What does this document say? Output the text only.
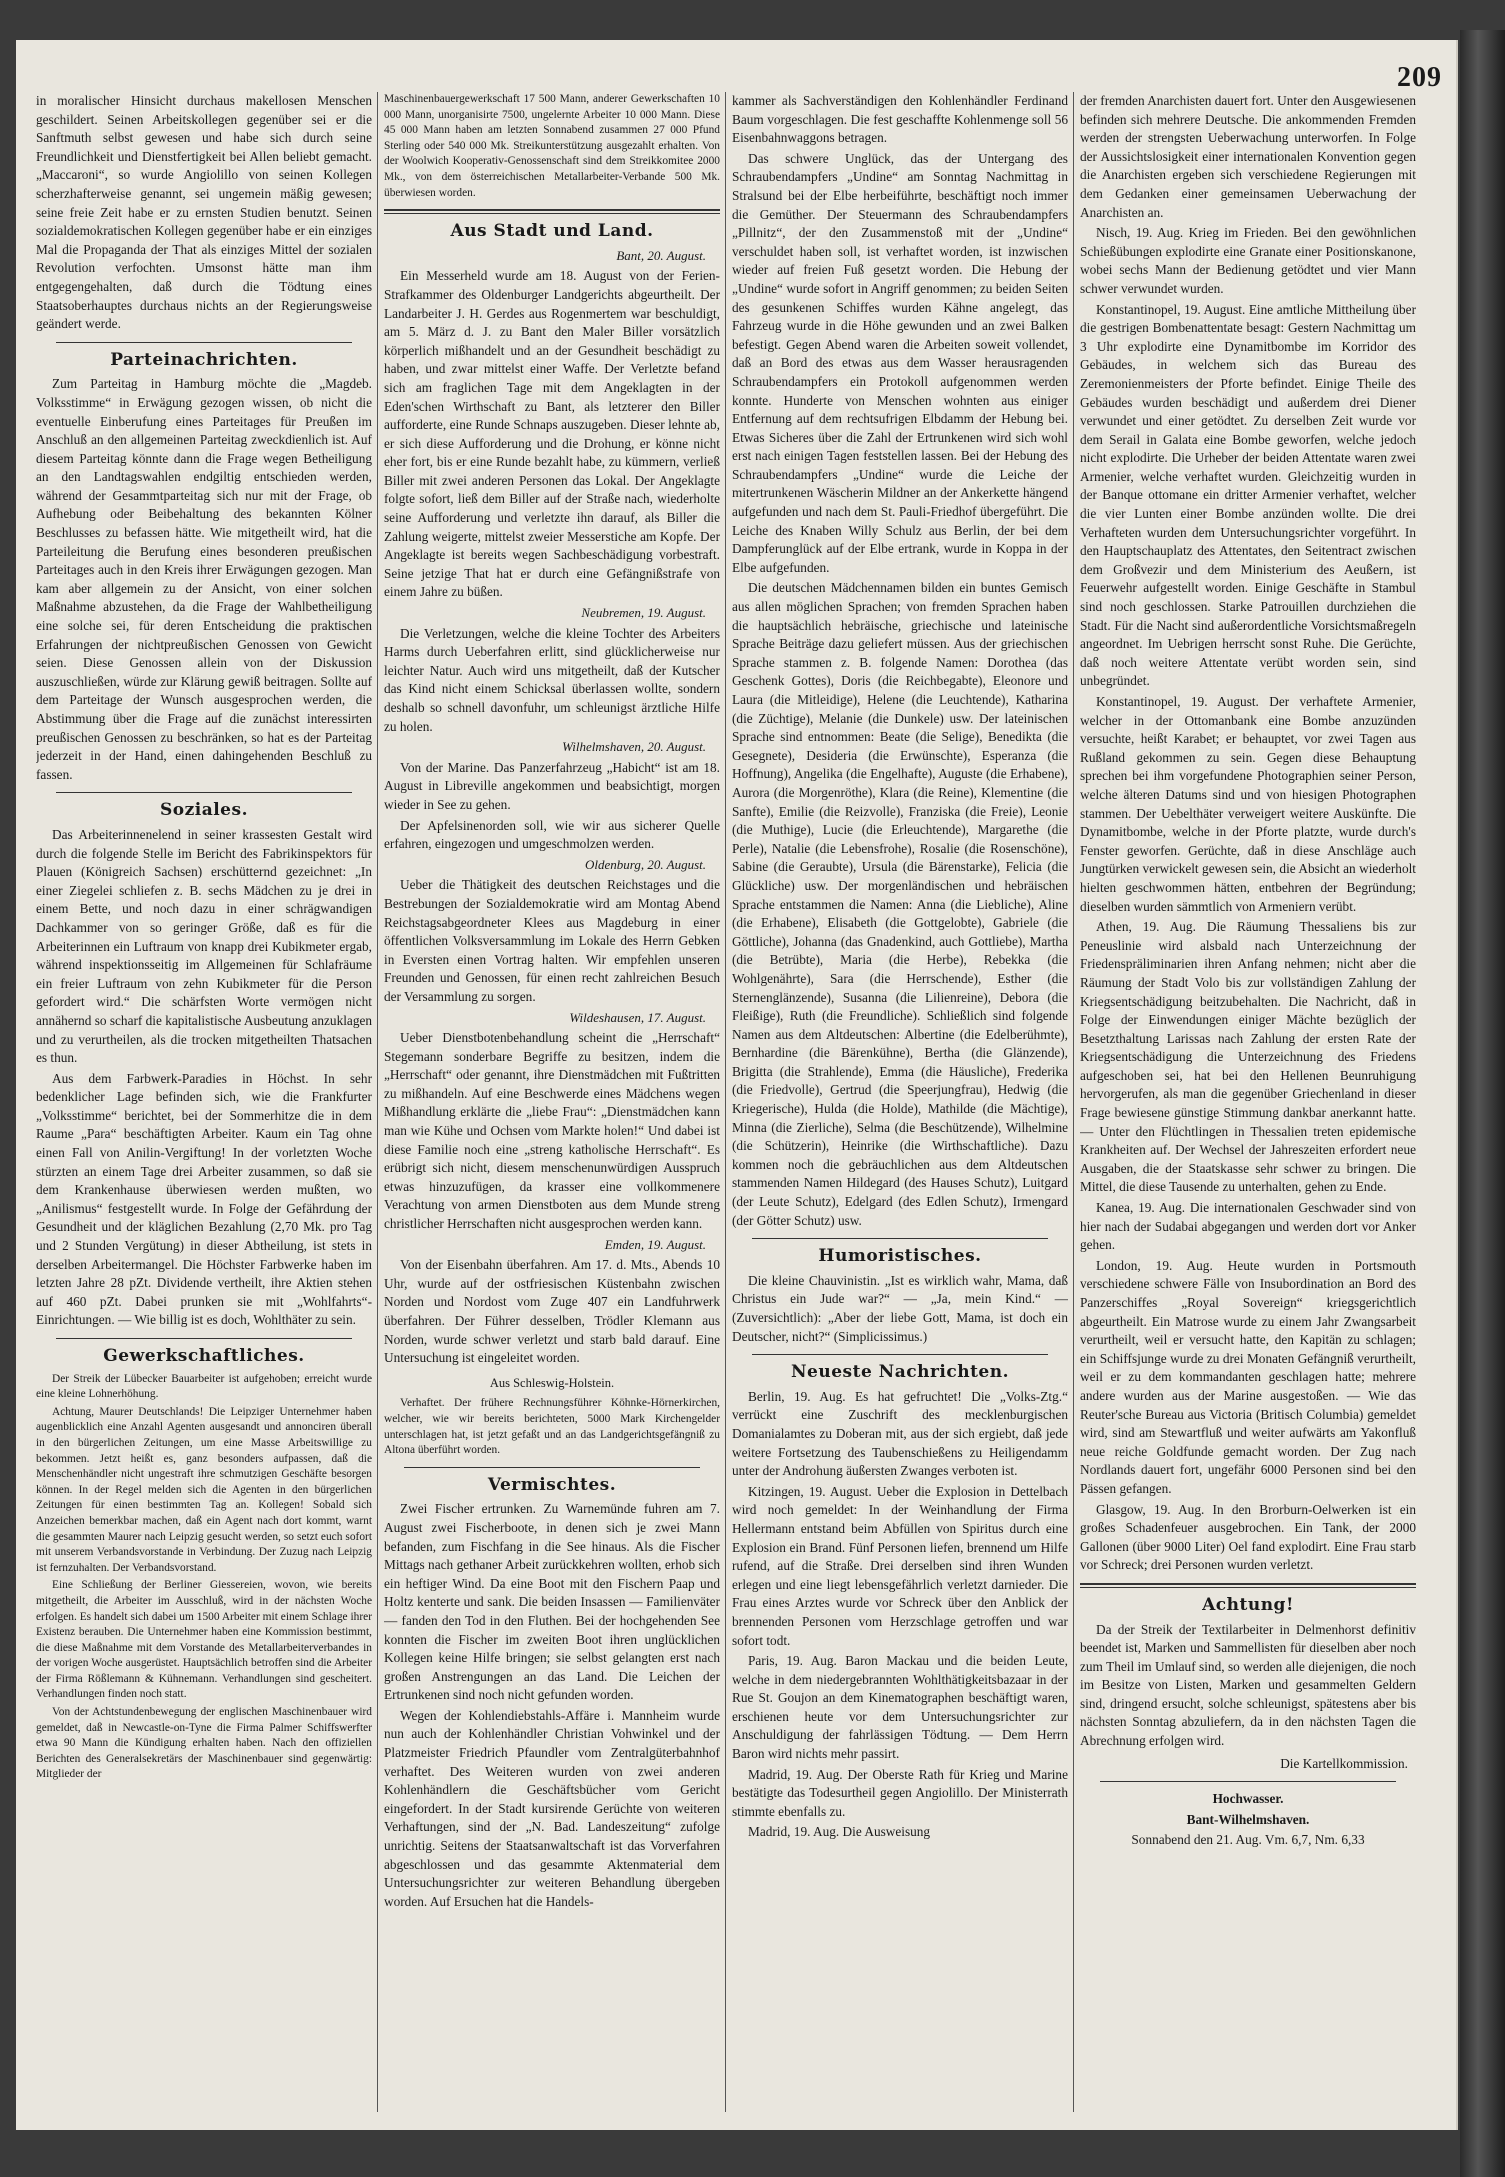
209

in moralischer Hinsicht durchaus makellosen Menschen geschildert. Seinen Arbeitskollegen gegenüber sei er die Sanftmuth selbst gewesen und habe sich durch seine Freundlichkeit und Dienstfertigkeit bei Allen beliebt gemacht. „Maccaroni“, so wurde Angiolillo von seinen Kollegen scherzhafterweise genannt, sei ungemein mäßig gewesen; seine freie Zeit habe er zu ernsten Studien benutzt. Seinen sozialdemokratischen Kollegen gegenüber habe er ein einziges Mal die Propaganda der That als einziges Mittel der sozialen Revolution verfochten. Umsonst hätte man ihm entgegengehalten, daß durch die Tödtung eines Staatsoberhauptes durchaus nichts an der Regierungsweise geändert werde.

Parteinachrichten.

Zum Parteitag in Hamburg möchte die „Magdeb. Volksstimme“ in Erwägung gezogen wissen, ob nicht die eventuelle Einberufung eines Parteitages für Preußen im Anschluß an den allgemeinen Parteitag zweckdienlich ist. Auf diesem Parteitag könnte dann die Frage wegen Betheiligung an den Landtagswahlen endgiltig entschieden werden, während der Gesammtparteitag sich nur mit der Frage, ob Aufhebung oder Beibehaltung des bekannten Kölner Beschlusses zu befassen hätte. Wie mitgetheilt wird, hat die Parteileitung die Berufung eines besonderen preußischen Parteitages auch in den Kreis ihrer Erwägungen gezogen. Man kam aber allgemein zu der Ansicht, von einer solchen Maßnahme abzustehen, da die Frage der Wahlbetheiligung eine solche sei, für deren Entscheidung die praktischen Erfahrungen der nichtpreußischen Genossen von Gewicht seien. Diese Genossen allein von der Diskussion auszuschließen, würde zur Klärung gewiß beitragen. Sollte auf dem Parteitage der Wunsch ausgesprochen werden, die Abstimmung über die Frage auf die zunächst interessirten preußischen Genossen zu beschränken, so hat es der Parteitag jederzeit in der Hand, einen dahingehenden Beschluß zu fassen.

Soziales.

Das Arbeiterinnenelend in seiner krassesten Gestalt wird durch die folgende Stelle im Bericht des Fabrikinspektors für Plauen (Königreich Sachsen) erschütternd gezeichnet: „In einer Ziegelei schliefen z. B. sechs Mädchen zu je drei in einem Bette, und noch dazu in einer schrägwandigen Dachkammer von so geringer Größe, daß es für die Arbeiterinnen ein Luftraum von knapp drei Kubikmeter ergab, während inspektionsseitig im Allgemeinen für Schlafräume ein freier Luftraum von zehn Kubikmeter für die Person gefordert wird.“ Die schärfsten Worte vermögen nicht annähernd so scharf die kapitalistische Ausbeutung anzuklagen und zu verurtheilen, als die trocken mitgetheilten Thatsachen es thun.

Aus dem Farbwerk-Paradies in Höchst. In sehr bedenklicher Lage befinden sich, wie die Frankfurter „Volksstimme“ berichtet, bei der Sommerhitze die in dem Raume „Para“ beschäftigten Arbeiter. Kaum ein Tag ohne einen Fall von Anilin-Vergiftung! In der vorletzten Woche stürzten an einem Tage drei Arbeiter zusammen, so daß sie dem Krankenhause überwiesen werden mußten, wo „Anilismus“ festgestellt wurde. In Folge der Gefährdung der Gesundheit und der kläglichen Bezahlung (2,70 Mk. pro Tag und 2 Stunden Vergütung) in dieser Abtheilung, ist stets in derselben Arbeitermangel. Die Höchster Farbwerke haben im letzten Jahre 28 pZt. Dividende vertheilt, ihre Aktien stehen auf 460 pZt. Dabei prunken sie mit „Wohlfahrts“-Einrichtungen. — Wie billig ist es doch, Wohlthäter zu sein.

Gewerkschaftliches.

Der Streik der Lübecker Bauarbeiter ist aufgehoben; erreicht wurde eine kleine Lohnerhöhung.

Achtung, Maurer Deutschlands! Die Leipziger Unternehmer haben augenblicklich eine Anzahl Agenten ausgesandt und annonciren überall in den bürgerlichen Zeitungen, um eine Masse Arbeitswillige zu bekommen. Jetzt heißt es, ganz besonders aufpassen, daß die Menschenhändler nicht ungestraft ihre schmutzigen Geschäfte besorgen können. In der Regel melden sich die Agenten in den bürgerlichen Zeitungen für einen bestimmten Tag an. Kollegen! Sobald sich Anzeichen bemerkbar machen, daß ein Agent nach dort kommt, warnt die gesammten Maurer nach Leipzig gesucht werden, so setzt euch sofort mit unserem Verbandsvorstande in Verbindung. Der Zuzug nach Leipzig ist fernzuhalten. Der Verbandsvorstand.

Eine Schließung der Berliner Giessereien, wovon, wie bereits mitgetheilt, die Arbeiter im Ausschluß, wird in der nächsten Woche erfolgen. Es handelt sich dabei um 1500 Arbeiter mit einem Schlage ihrer Existenz berauben. Die Unternehmer haben eine Kommission bestimmt, die diese Maßnahme mit dem Vorstande des Metallarbeiterverbandes in der vorigen Woche ausgerüstet. Hauptsächlich betroffen sind die Arbeiter der Firma Rößlemann & Kühnemann. Verhandlungen sind gescheitert. Verhandlungen finden noch statt.

Von der Achtstundenbewegung der englischen Maschinenbauer wird gemeldet, daß in Newcastle-on-Tyne die Firma Palmer Schiffswerfter etwa 90 Mann die Kündigung erhalten haben. Nach den offiziellen Berichten des Generalsekretärs der Maschinenbauer sind gegenwärtig: Mitglieder der

Maschinenbauergewerkschaft 17 500 Mann, anderer Gewerkschaften 10 000 Mann, unorganisirte 7500, ungelernte Arbeiter 10 000 Mann. Diese 45 000 Mann haben am letzten Sonnabend zusammen 27 000 Pfund Sterling oder 540 000 Mk. Streikunterstützung ausgezahlt erhalten. Von der Woolwich Kooperativ-Genossenschaft sind dem Streikkomitee 2000 Mk., von dem österreichischen Metallarbeiter-Verbande 500 Mk. überwiesen worden.

Aus Stadt und Land.
Bant, 20. August.

Ein Messerheld wurde am 18. August von der Ferien-Strafkammer des Oldenburger Landgerichts abgeurtheilt. Der Landarbeiter J. H. Gerdes aus Rogenmertem war beschuldigt, am 5. März d. J. zu Bant den Maler Biller vorsätzlich körperlich mißhandelt und an der Gesundheit beschädigt zu haben, und zwar mittelst einer Waffe. Der Verletzte befand sich am fraglichen Tage mit dem Angeklagten in der Eden'schen Wirthschaft zu Bant, als letzterer den Biller aufforderte, eine Runde Schnaps auszugeben. Dieser lehnte ab, er sich diese Aufforderung und die Drohung, er könne nicht eher fort, bis er eine Runde bezahlt habe, zu kümmern, verließ Biller mit zwei anderen Personen das Lokal. Der Angeklagte folgte sofort, ließ dem Biller auf der Straße nach, wiederholte seine Aufforderung und verletzte ihn darauf, als Biller die Zahlung weigerte, mittelst zweier Messerstiche am Kopfe. Der Angeklagte ist bereits wegen Sachbeschädigung vorbestraft. Seine jetzige That hat er durch eine Gefängnißstrafe von einem Jahre zu büßen.

Neubremen, 19. August.

Die Verletzungen, welche die kleine Tochter des Arbeiters Harms durch Ueberfahren erlitt, sind glücklicherweise nur leichter Natur. Auch wird uns mitgetheilt, daß der Kutscher das Kind nicht einem Schicksal überlassen wollte, sondern deshalb so schnell davonfuhr, um schleunigst ärztliche Hilfe zu holen.

Wilhelmshaven, 20. August.

Von der Marine. Das Panzerfahrzeug „Habicht“ ist am 18. August in Libreville angekommen und beabsichtigt, morgen wieder in See zu gehen.

Der Apfelsinenorden soll, wie wir aus sicherer Quelle erfahren, eingezogen und umgeschmolzen werden.

Oldenburg, 20. August.

Ueber die Thätigkeit des deutschen Reichstages und die Bestrebungen der Sozialdemokratie wird am Montag Abend Reichstagsabgeordneter Klees aus Magdeburg in einer öffentlichen Volksversammlung im Lokale des Herrn Gebken in Eversten einen Vortrag halten. Wir empfehlen unseren Freunden und Genossen, für einen recht zahlreichen Besuch der Versammlung zu sorgen.

Wildeshausen, 17. August.

Ueber Dienstbotenbehandlung scheint die „Herrschaft“ Stegemann sonderbare Begriffe zu besitzen, indem die „Herrschaft“ oder genannt, ihre Dienstmädchen mit Fußtritten zu mißhandeln. Auf eine Beschwerde eines Mädchens wegen Mißhandlung erklärte die „liebe Frau“: „Dienstmädchen kann man wie Kühe und Ochsen vom Markte holen!“ Und dabei ist diese Familie noch eine „streng katholische Herrschaft“. Es erübrigt sich nicht, diesem menschenunwürdigen Ausspruch etwas hinzuzufügen, da krasser eine vollkommenere Verachtung von armen Dienstboten aus dem Munde streng christlicher Herrschaften nicht ausgesprochen werden kann.

Emden, 19. August.

Von der Eisenbahn überfahren. Am 17. d. Mts., Abends 10 Uhr, wurde auf der ostfriesischen Küstenbahn zwischen Norden und Nordost vom Zuge 407 ein Landfuhrwerk überfahren. Der Führer desselben, Trödler Klemann aus Norden, wurde schwer verletzt und starb bald darauf. Eine Untersuchung ist eingeleitet worden.

Aus Schleswig-Holstein.

Verhaftet. Der frühere Rechnungsführer Köhnke-Hörnerkirchen, welcher, wie wir bereits berichteten, 5000 Mark Kirchengelder unterschlagen hat, ist jetzt gefaßt und an das Landgerichtsgefängniß zu Altona überführt worden.

Vermischtes.

Zwei Fischer ertrunken. Zu Warnemünde fuhren am 7. August zwei Fischerboote, in denen sich je zwei Mann befanden, zum Fischfang in die See hinaus. Als die Fischer Mittags nach gethaner Arbeit zurückkehren wollten, erhob sich ein heftiger Wind. Da eine Boot mit den Fischern Paap und Holtz kenterte und sank. Die beiden Insassen — Familienväter — fanden den Tod in den Fluthen. Bei der hochgehenden See konnten die Fischer im zweiten Boot ihren unglücklichen Kollegen keine Hilfe bringen; sie selbst gelangten erst nach großen Anstrengungen an das Land. Die Leichen der Ertrunkenen sind noch nicht gefunden worden.

Wegen der Kohlendiebstahls-Affäre i. Mannheim wurde nun auch der Kohlenhändler Christian Vohwinkel und der Platzmeister Friedrich Pfaundler vom Zentralgüterbahnhof verhaftet. Des Weiteren wurden von zwei anderen Kohlenhändlern die Geschäftsbücher vom Gericht eingefordert. In der Stadt kursirende Gerüchte von weiteren Verhaftungen, sind der „N. Bad. Landeszeitung“ zufolge unrichtig. Seitens der Staatsanwaltschaft ist das Vorverfahren abgeschlossen und das gesammte Aktenmaterial dem Untersuchungsrichter zur weiteren Behandlung übergeben worden. Auf Ersuchen hat die Handels-

kammer als Sachverständigen den Kohlenhändler Ferdinand Baum vorgeschlagen. Die fest geschaffte Kohlenmenge soll 56 Eisenbahnwaggons betragen.

Das schwere Unglück, das der Untergang des Schraubendampfers „Undine“ am Sonntag Nachmittag in Stralsund bei der Elbe herbeiführte, beschäftigt noch immer die Gemüther. Der Steuermann des Schraubendampfers „Pillnitz“, der den Zusammenstoß mit der „Undine“ verschuldet haben soll, ist verhaftet worden, ist inzwischen wieder auf freien Fuß gesetzt worden. Die Hebung der „Undine“ wurde sofort in Angriff genommen; zu beiden Seiten des gesunkenen Schiffes wurden Kähne angelegt, das Fahrzeug wurde in die Höhe gewunden und an zwei Balken befestigt. Gegen Abend waren die Arbeiten soweit vollendet, daß an Bord des etwas aus dem Wasser herausragenden Schraubendampfers ein Protokoll aufgenommen werden konnte. Hunderte von Menschen wohnten aus einiger Entfernung auf dem rechtsufrigen Elbdamm der Hebung bei. Etwas Sicheres über die Zahl der Ertrunkenen wird sich wohl erst nach einigen Tagen feststellen lassen. Bei der Hebung des Schraubendampfers „Undine“ wurde die Leiche der mitertrunkenen Wäscherin Mildner an der Ankerkette hängend aufgefunden und nach dem St. Pauli-Friedhof übergeführt. Die Leiche des Knaben Willy Schulz aus Berlin, der bei dem Dampferunglück auf der Elbe ertrank, wurde in Koppa in der Elbe aufgefunden.

Die deutschen Mädchennamen bilden ein buntes Gemisch aus allen möglichen Sprachen; von fremden Sprachen haben die hauptsächlich hebräische, griechische und lateinische Sprache Beiträge dazu geliefert müssen. Aus der griechischen Sprache stammen z. B. folgende Namen: Dorothea (das Geschenk Gottes), Doris (die Reichbegabte), Eleonore und Laura (die Mitleidige), Helene (die Leuchtende), Katharina (die Züchtige), Melanie (die Dunkele) usw. Der lateinischen Sprache sind entnommen: Beate (die Selige), Benedikta (die Gesegnete), Desideria (die Erwünschte), Esperanza (die Hoffnung), Angelika (die Engelhafte), Auguste (die Erhabene), Aurora (die Morgenröthe), Klara (die Reine), Klementine (die Sanfte), Emilie (die Reizvolle), Franziska (die Freie), Leonie (die Muthige), Lucie (die Erleuchtende), Margarethe (die Perle), Natalie (die Lebensfrohe), Rosalie (die Rosenschöne), Sabine (die Geraubte), Ursula (die Bärenstarke), Felicia (die Glückliche) usw. Der morgenländischen und hebräischen Sprache entstammen die Namen: Anna (die Liebliche), Aline (die Erhabene), Elisabeth (die Gottgelobte), Gabriele (die Göttliche), Johanna (das Gnadenkind, auch Gottliebe), Martha (die Betrübte), Maria (die Herbe), Rebekka (die Wohlgenährte), Sara (die Herrschende), Esther (die Sternenglänzende), Susanna (die Lilienreine), Debora (die Fleißige), Ruth (die Freundliche). Schließlich sind folgende Namen aus dem Altdeutschen: Albertine (die Edelberühmte), Bernhardine (die Bärenkühne), Bertha (die Glänzende), Brigitta (die Strahlende), Emma (die Häusliche), Frederika (die Friedvolle), Gertrud (die Speerjungfrau), Hedwig (die Kriegerische), Hulda (die Holde), Mathilde (die Mächtige), Minna (die Zierliche), Selma (die Beschützende), Wilhelmine (die Schützerin), Heinrike (die Wirthschaftliche). Dazu kommen noch die gebräuchlichen aus dem Altdeutschen stammenden Namen Hildegard (des Hauses Schutz), Luitgard (der Leute Schutz), Edelgard (des Edlen Schutz), Irmengard (der Götter Schutz) usw.

Humoristisches.

Die kleine Chauvinistin. „Ist es wirklich wahr, Mama, daß Christus ein Jude war?“ — „Ja, mein Kind.“ — (Zuversichtlich): „Aber der liebe Gott, Mama, ist doch ein Deutscher, nicht?“ (Simplicissimus.)

Neueste Nachrichten.

Berlin, 19. Aug. Es hat gefruchtet! Die „Volks-Ztg.“ verrückt eine Zuschrift des mecklenburgischen Domanialamtes zu Doberan mit, aus der sich ergiebt, daß jede weitere Fortsetzung des Taubenschießens zu Heiligendamm unter der Androhung äußersten Zwanges verboten ist.

Kitzingen, 19. August. Ueber die Explosion in Dettelbach wird noch gemeldet: In der Weinhandlung der Firma Hellermann entstand beim Abfüllen von Spiritus durch eine Explosion ein Brand. Fünf Personen liefen, brennend um Hilfe rufend, auf die Straße. Drei derselben sind ihren Wunden erlegen und eine liegt lebensgefährlich verletzt darnieder. Die Frau eines Arztes wurde vor Schreck über den Anblick der brennenden Personen vom Herzschlage getroffen und war sofort todt.

Paris, 19. Aug. Baron Mackau und die beiden Leute, welche in dem niedergebrannten Wohlthätigkeitsbazaar in der Rue St. Goujon an dem Kinematographen beschäftigt waren, erschienen heute vor dem Untersuchungsrichter zur Anschuldigung der fahrlässigen Tödtung. — Dem Herrn Baron wird nichts mehr passirt.

Madrid, 19. Aug. Der Oberste Rath für Krieg und Marine bestätigte das Todesurtheil gegen Angiolillo. Der Ministerrath stimmte ebenfalls zu.

Madrid, 19. Aug. Die Ausweisung

der fremden Anarchisten dauert fort. Unter den Ausgewiesenen befinden sich mehrere Deutsche. Die ankommenden Fremden werden der strengsten Ueberwachung unterworfen. In Folge der Aussichtslosigkeit einer internationalen Konvention gegen die Anarchisten ergeben sich verschiedene Regierungen mit dem Gedanken einer gemeinsamen Ueberwachung der Anarchisten an.

Nisch, 19. Aug. Krieg im Frieden. Bei den gewöhnlichen Schießübungen explodirte eine Granate einer Positionskanone, wobei sechs Mann der Bedienung getödtet und vier Mann schwer verwundet wurden.

Konstantinopel, 19. August. Eine amtliche Mittheilung über die gestrigen Bombenattentate besagt: Gestern Nachmittag um 3 Uhr explodirte eine Dynamitbombe im Korridor des Gebäudes, in welchem sich das Bureau des Zeremonienmeisters der Pforte befindet. Einige Theile des Gebäudes wurden beschädigt und außerdem drei Diener verwundet und einer getödtet. Zu derselben Zeit wurde vor dem Serail in Galata eine Bombe geworfen, welche jedoch nicht explodirte. Die Urheber der beiden Attentate waren zwei Armenier, welche verhaftet wurden. Gleichzeitig wurden in der Banque ottomane ein dritter Armenier verhaftet, welcher die vier Lunten einer Bombe anzünden wollte. Die drei Verhafteten wurden dem Untersuchungsrichter vorgeführt. In den Hauptschauplatz des Attentates, den Seitentract zwischen dem Großvezir und dem Ministerium des Aeußern, ist Feuerwehr aufgestellt worden. Einige Geschäfte in Stambul sind noch geschlossen. Starke Patrouillen durchziehen die Stadt. Für die Nacht sind außerordentliche Vorsichtsmaßregeln angeordnet. Im Uebrigen herrscht sonst Ruhe. Die Gerüchte, daß noch weitere Attentate verübt worden sein, sind unbegründet.

Konstantinopel, 19. August. Der verhaftete Armenier, welcher in der Ottomanbank eine Bombe anzuzünden versuchte, heißt Karabet; er behauptet, vor zwei Tagen aus Rußland gekommen zu sein. Gegen diese Behauptung sprechen bei ihm vorgefundene Photographien seiner Person, welche älteren Datums sind und von hiesigen Photographen stammen. Der Uebelthäter verweigert weitere Auskünfte. Die Dynamitbombe, welche in der Pforte platzte, wurde durch's Fenster geworfen. Gerüchte, daß in diese Anschläge auch Jungtürken verwickelt gewesen sein, die Absicht an wiederholt hielten geschwommen hätten, entbehren der Begründung; dieselben wurden sämmtlich von Armeniern verübt.

Athen, 19. Aug. Die Räumung Thessaliens bis zur Peneuslinie wird alsbald nach Unterzeichnung der Friedenspräliminarien ihren Anfang nehmen; nicht aber die Räumung der Stadt Volo bis zur vollständigen Zahlung der Kriegsentschädigung beitzubehalten. Die Nachricht, daß in Folge der Einwendungen einiger Mächte bezüglich der Besetzthaltung Larissas nach Zahlung der ersten Rate der Kriegsentschädigung die Unterzeichnung des Friedens aufgeschoben sei, hat bei den Hellenen Beunruhigung hervorgerufen, als man die gegenüber Griechenland in dieser Frage bewiesene günstige Stimmung dankbar anerkannt hatte. — Unter den Flüchtlingen in Thessalien treten epidemische Krankheiten auf. Der Wechsel der Jahreszeiten erfordert neue Ausgaben, die der Staatskasse sehr schwer zu bringen. Die Mittel, die diese Tausende zu unterhalten, gehen zu Ende.

Kanea, 19. Aug. Die internationalen Geschwader sind von hier nach der Sudabai abgegangen und werden dort vor Anker gehen.

London, 19. Aug. Heute wurden in Portsmouth verschiedene schwere Fälle von Insubordination an Bord des Panzerschiffes „Royal Sovereign“ kriegsgerichtlich abgeurtheilt. Ein Matrose wurde zu einem Jahr Zwangsarbeit verurtheilt, weil er versucht hatte, den Kapitän zu schlagen; ein Schiffsjunge wurde zu drei Monaten Gefängniß verurtheilt, weil er zu dem kommandanten geschlagen hatte; mehrere andere wurden aus der Marine ausgestoßen. — Wie das Reuter'sche Bureau aus Victoria (Britisch Columbia) gemeldet wird, sind am Stewartfluß und weiter aufwärts am Yakonfluß neue reiche Goldfunde gemacht worden. Der Zug nach Nordlands dauert fort, ungefähr 6000 Personen sind bei den Pässen gefangen.

Glasgow, 19. Aug. In den Brorburn-Oelwerken ist ein großes Schadenfeuer ausgebrochen. Ein Tank, der 2000 Gallonen (über 9000 Liter) Oel fand explodirt. Eine Frau starb vor Schreck; drei Personen wurden verletzt.

Achtung!

Da der Streik der Textilarbeiter in Delmenhorst definitiv beendet ist, Marken und Sammellisten für dieselben aber noch zum Theil im Umlauf sind, so werden alle diejenigen, die noch im Besitze von Listen, Marken und gesammelten Geldern sind, dringend ersucht, solche schleunigst, spätestens aber bis nächsten Sonntag abzuliefern, da in den nächsten Tagen die Abrechnung erfolgen wird.

Die Kartellkommission.
Hochwasser.
Bant-Wilhelmshaven.
Sonnabend den 21. Aug. Vm. 6,7, Nm. 6,33
